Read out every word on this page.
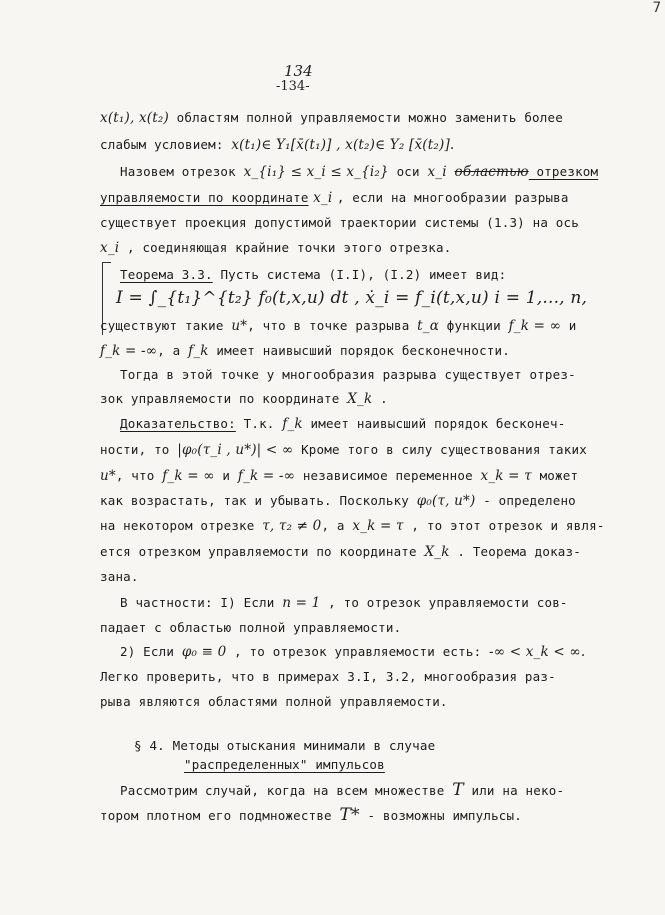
7
134
-134-
x(t₁), x(t₂) областям полной управляемости можно заменить более
слабым условием: x(t₁)∈ Y₁[x̄(t₁)] , x(t₂)∈ Y₂ [x̄(t₂)].
Назовем отрезок x_{i₁} ≤ x_i ≤ x_{i₂} оси x_i областью отрезком
управляемости по координате x_i , если на многообразии разрыва
существует проекция допустимой траектории системы (1.3) на ось
x_i , соединяющая крайние точки этого отрезка.
Теорема 3.3. Пусть система (I.I), (I.2) имеет вид:
I = ∫_{t₁}^{t₂} f₀(t,x,u) dt , ẋ_i = f_i(t,x,u) i = 1,..., n,
существуют такие u*, что в точке разрыва t_α функции f_k = ∞ и
f_k = -∞, а f_k имеет наивысший порядок бесконечности.
Тогда в этой точке у многообразия разрыва существует отрез-
зок управляемости по координате X_k .
Доказательство: Т.к. f_k имеет наивысший порядок бесконеч-
ности, то |φ₀(τ_i , u*)| < ∞ Кроме того в силу существования таких
u*, что f_k = ∞ и f_k = -∞ независимое переменное x_k = τ может
как возрастать, так и убывать. Поскольку φ₀(τ, u*) - определено
на некотором отрезке τ, τ₂ ≠ 0, а x_k = τ , то этот отрезок и явля-
ется отрезком управляемости по координате X_k . Теорема доказ-
зана.
В частности: I) Если n = 1 , то отрезок управляемости сов-
падает с областью полной управляемости.
2) Если φ₀ ≡ 0 , то отрезок управляемости есть: -∞ < x_k < ∞.
Легко проверить, что в примерах 3.I, 3.2, многообразия раз-
рыва являются областями полной управляемости.
§ 4. Методы отыскания минимали в случае
"распределенных" импульсов
Рассмотрим случай, когда на всем множестве T или на неко-
тором плотном его подмножестве T* - возможны импульсы.
